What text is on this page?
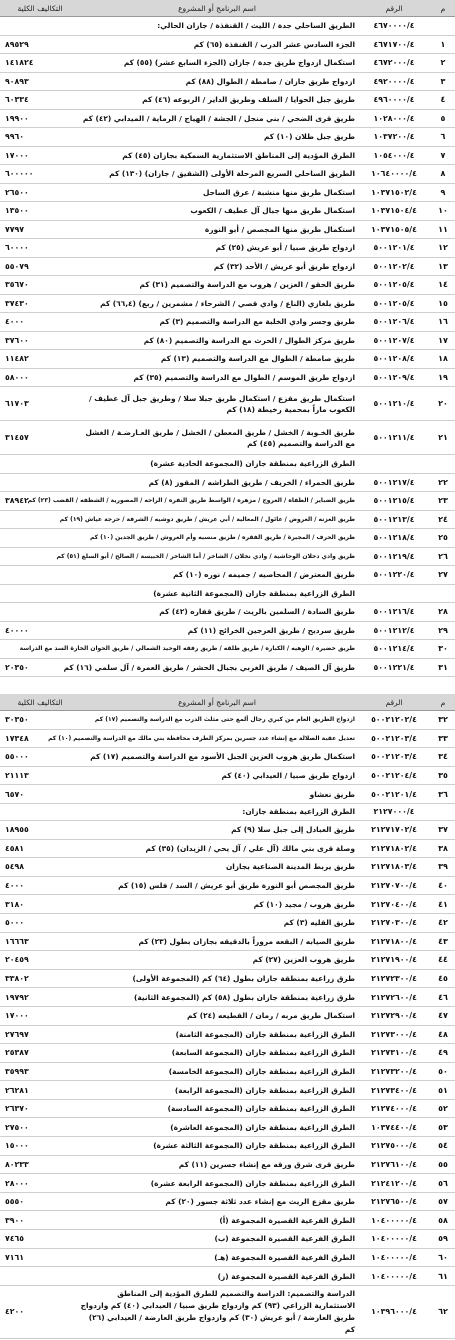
م	الرقم	اسم البرنامج أو المشروع	التكاليف الكلية
	٤٦٧٠٠٠٠/٤	الطريق الساحلي جدة / الليث / القنفذة / جازان الحالي:	
١	٤٦٧١٧٠٠/٤	الجزء السادس عشر الدرب / القنفذة (٦٥) كم	٨٩٥٢٩
٢	٤٦٧٢٠٠٠/٤	استكمال ازدواج طريق جدة / جازان (الجزء السابع عشر) (٥٥) كم	١٤١٨٢٤
٣	٤٩٢٠٠٠٠/٤	ازدواج طريق جازان / صامطة / الطوال (٨٨) كم	٩٠٨٩٣
٤	٤٩٦٠٠٠٠/٤	طريق جبل الحوايا / السلف وطريق الداير / الربوعه (٤٦) كم	٦٠٣٣٤
٥	١٠٢٨٠٠٠/٤	طريق قرى الضحي / بني منجل / الجشة / الهياج / الرماية / الميدابي (٤٢) كم	١٩٩٠٠
٦	١٠٣٧٢٠٠/٤	طريق جبل طلان (١٠) كم	٩٩٦٠
٧	١٠٥٤٠٠٠/٤	الطرق المؤدية إلى المناطق الاستثمارية السمكية بجازان (٤٥) كم	١٧٠٠٠
٨	١٠٦٤٠٠٠٠/٤	الطريق الساحلي السريع المرحلة الأولى (الشقيق / جازان) (١٣٠) كم	٦٠٠٠٠٠
٩	١٠٣٧١٥٠٢/٤	استكمال طريق منها منشبة / عرق الساحل	٢٦٥٠٠
١٠	١٠٣٧١٥٠٤/٤	استكمال طريق منها جبال آل عطيف / الكعوب	١٣٥٠٠
١١	١٠٣٧١٥٠٥/٤	استكمال طريق منها المجصص / أبو النورة	٧٧٩٧
١٢	٥٠٠١٢٠١/٤	ازدواج طريق صبيا / أبو عريش (٢٥) كم	٦٠٠٠٠
١٣	٥٠٠١٢٠٢/٤	ازدواج طريق أبو عريش / الأحد (٣٢) كم	٥٥٠٧٩
١٤	٥٠٠١٢٠٥/٤	طريق الحقو / العزين / هروب مع الدراسة والتصميم (٣١) كم	٣٥٦٧٠
١٥	٥٠٠١٢٠٥/٤	طريق بلغازي (الناع / وادي قصي / الشرحاء / مشمرين / ربع) (٦٦,٤) كم	٣٧٤٣٠
١٦	٥٠٠١٢٠٦/٤	طريق وجسر وادي الخلبة مع الدراسة والتصميم (٣) كم	٤٠٠٠
١٧	٥٠٠١٢٠٧/٤	طريق مركز الطوال / الحرث مع الدراسة والتصميم (٨٠) كم	٣٧٦٠٠
١٨	٥٠٠١٢٠٨/٤	طريق صامطة / الطوال مع الدراسة والتصميم (١٣) كم	١١٤٨٢
١٩	٥٠٠١٢٠٩/٤	ازدواج طريق الموسم / الطوال مع الدراسة والتصميم (٣٥) كم	٥٨٠٠٠
٢٠	٥٠٠١٢١٠/٤	استكمال طريق مقزع / استكمال طريق جبلا سلا / وطريق جبل آل عطيف / الكعوب ماراً بمحمية رخيطة (١٨) كم	٦١٧٠٣
٢١	٥٠٠١٢١١/٤	طريق الخـوبة / الخشل / طريق المعطن / الخشل / طريق العـارضـة / الغشل مع الدراسة والتصميم (٤٥) كم	٣١٤٥٧
		الطرق الزراعية بمنطقة جازان (المجموعة الحادية عشرة)	
٢٢	٥٠٠١٢١٧/٤	طريق الحمراء / الخريف / طريق الطراشه / المقوز (٨) كم	
٢٣	٥٠٠١٢١٥/٤	طريق الضباير / الطفاه / العروج / مزهره / الواسط طريق النفره / الراحه / المصورية / الشظفه / القضب (٢٣) كم	٣٨٩٤٢
٢٤	٥٠٠١٢١٣/٤	طريق الغزنه / العروض / عائول / المعالية / أبي عريش / طريق دوشيه / الشرفة / حرجة عياش (١٩) كم	
٢٥	٥٠٠١٢١٨/٤	طريق الحرف / المجيرة / طريق الفقره / طريق منسيه وأم العروش / طريق الجدين (١٠) كم	
٢٦	٥٠٠١٢١٩/٤	طريق وادي دخلان الوحاشية / وادي نخلان / الشاخر / أما الشاخر / الخبيسة / الصالح / أبو السلع (٥١) كم	
٢٧	٥٠٠١٢٢٠/٤	طريق المعترض / المحاصيه / جميمه / نوره (١٠) كم	
		الطرق الزراعية بمنطقة جازان (المجموعة الثانية عشرة)	
٢٨	٥٠٠١٢١٦/٤	طريق السادة / السلمين بالريث / طريق قفاره (٤٢) كم	
٢٩	٥٠٠١٢١٢/٤	طريق سرديح / طريق العرجين الخرائج (١١) كم	٤٠٠٠٠
٣٠	٥٠٠١٢١٤/٤	طريق خضيره / الوهيه / الكباره / طريق طلقه / طريق رفقه الوحيد الشمالي / طريق الحوان الخارة السد مع الدراسة	
٣١	٥٠٠١٢٢١/٤	طريق آل الصيف / طريق الغربي بجبال الحشر / طريق العمرة / آل سلمي (١٦) كم	٢٠٣٥٠
م	الرقم	اسم البرنامج أو المشروع	التكاليف الكلية
٣٢	٥٠٠٢١٢٠٢/٤	ازدواج الطريق العام من كبري رجال ألمع حتى مثلث الدرب مع الدراسة والتصميم (١٧) كم	٣٠٣٥٠
٣٣	٥٠٠٢١٢٠٣/٤	تعديل عقبة الصلالة مع إنشاء عدد جسرين بمركز الطرف محافظة بني مالك مع الدراسة والتصميم (١٠) كم	١٧٣٤٨
٣٤	٥٠٠٢١٢٠٣/٤	استكمال طريق هروب العزين الجبل الأسود مع الدراسة والتصميم (١٧) كم	٥٥٠٠٠
٣٥	٥٠٠٢١٢٠٤/٤	ازدواج طريق صبيا / العيدابي (٤٠) كم	٢١١١٣
٣٦	٥٠٠٢١٢٠١/٤	طريق نعشاو	٦٥٧٠
	٢١٢٧٠٠٠/٤	الطرق الزراعية بمنطقة جازان:	
٣٧	٢١٢٧١٧٠٢/٤	طريق العبادل إلى جبل سلا (٩) كم	١٨٩٥٥
٣٨	٢١٢٧١٨٠٢/٤	وصلة قرى بني مالك (آل علي / آل يحي / الزيدان) (٣٥) كم	٤٥٨١
٣٩	٢١٢٧١٨٠٣/٤	طريق يربط المدينة الصناعية بجازان	٥٤٩٨
٤٠	٢١٢٧٠٧٠٠/٤	طريق المجصص أبو النورة طريق أبو عريش / السد / فلس (١٥) كم	٤٠٠٠
٤١	٢١٢٧٠٤٠٠/٤	طريق هروب / مجيد (١٠) كم	٣١٨٠
٤٢	٢١٢٧٠٣٠٠/٤	طريق القليه (٣) كم	٥٠٠٠
٤٣	٢١٢٧١٨٠٠/٤	طريق الصيابه / البقعه مروراً بالدقيقه بجازان بطول (٢٣) كم	١٦٦٦٣
٤٤	٢١٢٧١٩٠٠/٤	طريق هروب العزين (٢٧) كم	٢٠٤٥٩
٤٥	٢١٢٧٢٣٠٠/٤	طرق زراعية بمنطقة جازان بطول (٦٤) كم (المجموعة الأولى)	٣٣٨٠٢
٤٦	٢١٢٧٢٦٠٠/٤	طرق زراعية بمنطقة جازان بطول (٥٨) كم (المجموعة الثانية)	١٩٧٩٢
٤٧	٢١٢٧٢٩٠٠/٤	استكمال طريق مربه / رمان / القطيعه (٢٤) كم	١٧٠٠٠
٤٨	٢١٢٧٣٠٠٠/٤	الطرق الزراعية بمنطقة جازان (المجموعة الثامنة)	٢٧٦٩٧
٤٩	٢١٢٧٣١٠٠/٤	الطرق الزراعية بمنطقة جازان (المجموعة السابعة)	٢٥٣٨٧
٥٠	٢١٢٧٣٢٠٠/٤	الطرق الزراعية بمنطقة جازان (المجموعة الخامسة)	٣٥٩٩٣
٥١	٢١٢٧٣٤٠٠/٤	الطرق الزراعية بمنطقة جازان (المجموعة الرابعة)	٢٦٢٨١
٥٢	٢١٢٧٤٠٠٠/٤	الطرق الزراعية بمنطقة جازان (المجموعة السادسة)	٢٦٣٧٠
٥٣	١٠٣٧٤٤٠٠/٤	الطرق الزراعية بمنطقة جازان (المجموعة العاشرة)	٢٧٥٠٠
٥٤	٢١٢٧٥٠٠٠/٤	الطرق الزراعية بمنطقة جازان (المجموعة الثالثة عشرة)	١٥٠٠٠
٥٥	٢١٢٧٦١٠٠/٤	طريق قرى شرق ورقه مع إنشاء جسرين (١١) كم	٨٠٢٣٣
٥٦	٢١٢٤١٢٠٠/٤	الطرق الزراعية بمنطقة جازان (المجموعة الرابعة عشرة)	٢٨٠٠٠
٥٧	٢١٢٧٦٥٠٠/٤	طريق مقزع الريث مع إنشاء عدد ثلاثة جسور (٢٠) كم	٥٥٥٠
٥٨	١٠٤٠٠٠٠٠/٤	الطرق الفرعية القصيرة المجموعة (أ)	٣٩٠٠
٥٩	١٠٤٠٠٠٠٠/٤	الطرق الفرعية القصيرة المجموعة (ب)	٧٤٦٥
٦٠	١٠٤٠٠٠٠٠/٤	الطرق الفرعية القصيرة المجموعة (هـ)	٧١٦١
٦١	١٠٤٠٠٠٠٠/٤	الطرق الفرعية القصيرة المجموعة (ز)	
٦٢	١٠٣٩٦٠٠٠/٤	الدراسة والتصميم: الدراسة والتصميم للطرق المؤدية إلى المناطق الاستثمارية الزراعي (٩٣) كم وازدواج طريق صبيا / العيدابي (٤٠) كم وازدواج طريق العارضة / أبو عريش (٣٠) كم وازدواج طريق العارضة / العيدابي (٢٦) كم	٤٢٠٠
